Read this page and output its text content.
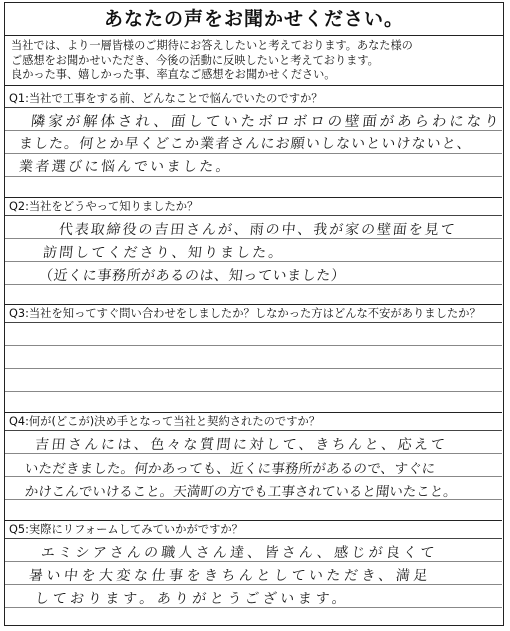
あなたの声をお聞かせください。
当社では、より一層皆様のご期待にお答えしたいと考えております。あなた様の
ご感想をお聞かせいただき、今後の活動に反映したいと考えております。
良かった事、嬉しかった事、率直なご感想をお聞かせください。
Q1:当社で工事をする前、どんなことで悩んでいたのですか？
隣家が解体され、面していたボロボロの壁面があらわになり
ました。何とか早くどこか業者さんにお願いしないといけないと、
業者選びに悩んでいました。
Q2:当社をどうやって知りましたか？
代表取締役の吉田さんが、雨の中、我が家の壁面を見て
訪問してくださり、知りました。
（近くに事務所があるのは、知っていました）
Q3:当社を知ってすぐ問い合わせをしましたか？しなかった方はどんな不安がありましたか？
Q4:何が(どこが)決め手となって当社と契約されたのですか？
吉田さんには、色々な質問に対して、きちんと、応えて
いただきました。何かあっても、近くに事務所があるので、すぐに
かけこんでいけること。天満町の方でも工事されていると聞いたこと。
Q5:実際にリフォームしてみていかがですか？
エミシアさんの職人さん達、皆さん、感じが良くて
暑い中を大変な仕事をきちんとしていただき、満足
しております。ありがとうございます。
